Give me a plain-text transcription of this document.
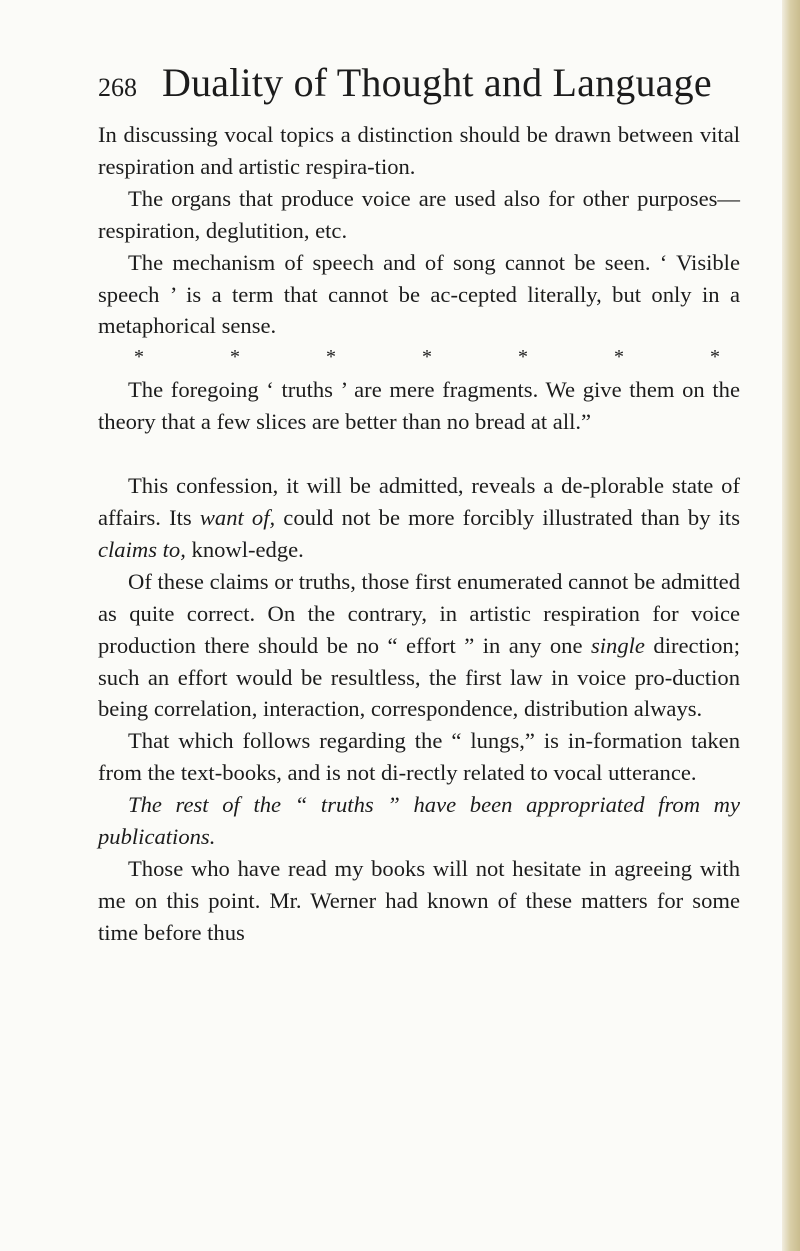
268 Duality of Thought and Language

In discussing vocal topics a distinction should be drawn between vital respiration and artistic respira-tion.

The organs that produce voice are used also for other purposes—respiration, deglutition, etc.

The mechanism of speech and of song cannot be seen. ‘ Visible speech ’ is a term that cannot be ac-cepted literally, but only in a metaphorical sense.

*	*	*	*	*	*	*

The foregoing ‘ truths ’ are mere fragments. We give them on the theory that a few slices are better than no bread at all.”

This confession, it will be admitted, reveals a de-plorable state of affairs. Its want of, could not be more forcibly illustrated than by its claims to, knowl-edge.

Of these claims or truths, those first enumerated cannot be admitted as quite correct. On the contrary, in artistic respiration for voice production there should be no “ effort ” in any one single direction; such an effort would be resultless, the first law in voice pro-duction being correlation, interaction, correspondence, distribution always.

That which follows regarding the “ lungs,” is in-formation taken from the text-books, and is not di-rectly related to vocal utterance.

The rest of the “ truths ” have been appropriated from my publications.

Those who have read my books will not hesitate in agreeing with me on this point. Mr. Werner had known of these matters for some time before thus
